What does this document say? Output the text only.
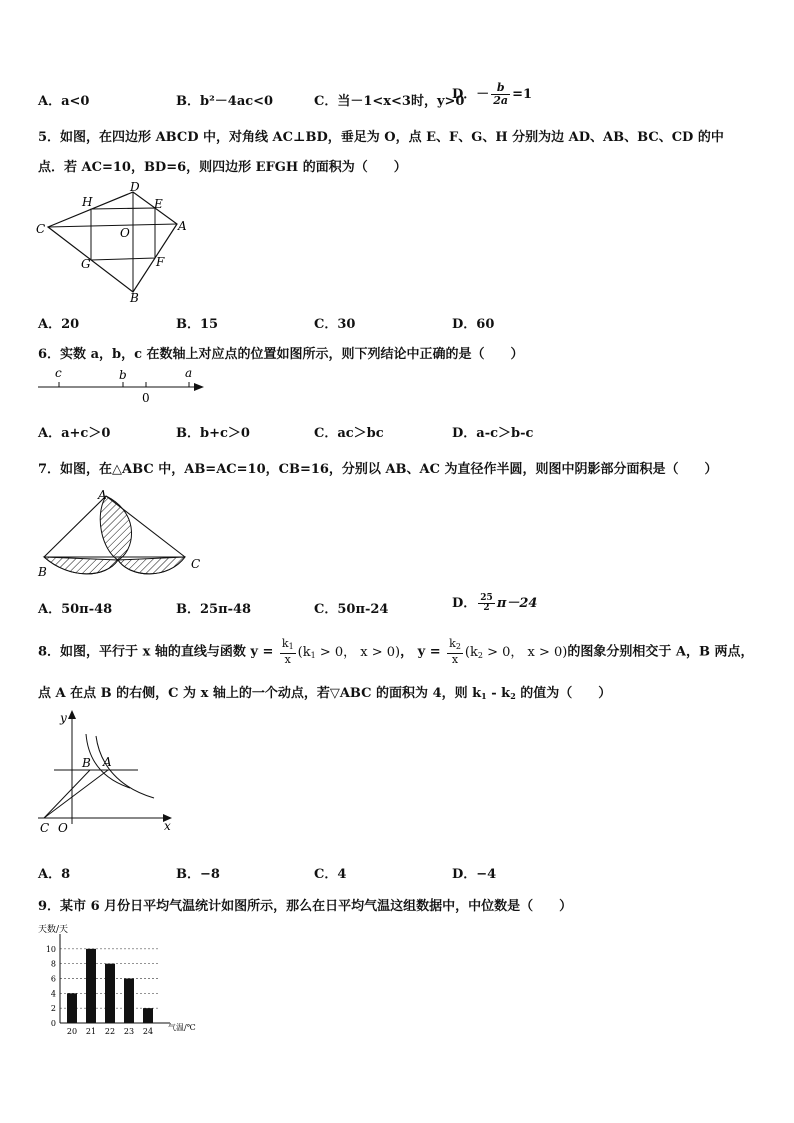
A．a<0	B．b²－4ac<0	C．当－1<x<3时，y>0
D．－ $\frac{b}{2a} =1$
5．如图，在四边形 ABCD 中，对角线 AC⊥BD，垂足为 O，点 E、F、G、H 分别为边 AD、AB、BC、CD 的中
点．若 AC=10，BD=6，则四边形 EFGH 的面积为（　　）
D
H	E
C	O	A
G	F
B
A．20	B．15	C．30	D．60
6．实数 a，b，c 在数轴上对应点的位置如图所示，则下列结论中正确的是（　　）
c	b
0
a
A．a+c＞0	B．b+c＞0	C．ac＞bc	D．a-c＞b-c
7．如图，在△ABC 中，AB=AC=10，CB=16，分别以 AB、AC 为直径作半圆，则图中阴影部分面积是（　　）
A
B
C
A．50π-48	B．25π-48	C．50π-24	D． $\frac{25}{2} \pi-24$
8．如图，平行于 x 轴的直线与函数 $y = \frac{k_1}{x} (k_1 > 0$， x > 0)， $y = \frac{k_2}{x} (k_2 > 0$， x > 0)的图象分别相交于 A，B 两点，
点 A 在点 B 的右侧，C 为 x 轴上的一个动点，若▽ABC 的面积为 4，则 $k_1 - k_2$ 的值为（　　）
y
B A
C O	x
A．8	B．−8	C．4	D．−4
9．某市 6 月份日平均气温统计如图所示，那么在日平均气温这组数据中，中位数是（　　）
天数/天
气温/℃
0
2
4
6
8
10
20 21 22 23 24
